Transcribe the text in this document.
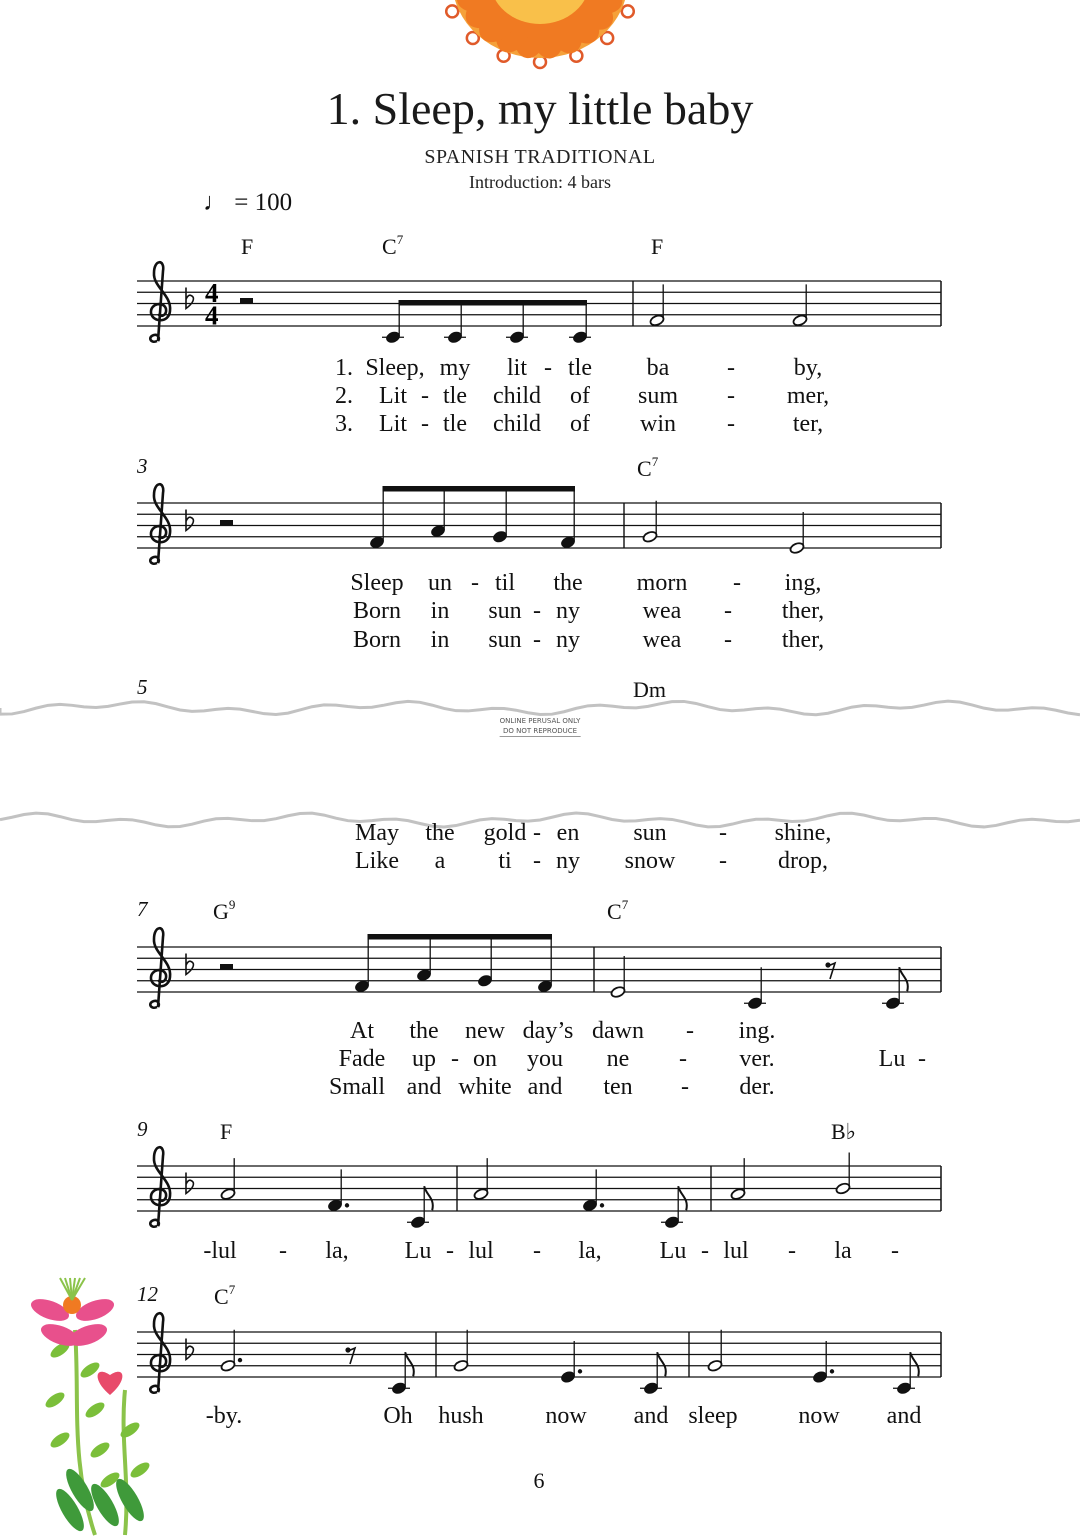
4
4
1. Sleep, my little baby
SPANISH TRADITIONAL
Introduction: 4 bars
♩ = 100
ONLINE PERUSAL ONLY
DO NOT REPRODUCE
6
3
5
7
9
12
F	$C^7$	F
$C^7$
Dm
$G^9$	$C^7$
F	B♭
$C^7$
1. Sleep, my lit - tle ba - by,
2. Lit - tle child of sum - mer,
3. Lit - tle child of win - ter,
Sleep un - til the morn - ing,
Born in sun - ny	wea - ther,
Born in sun - ny	wea - ther,
May the gold - en sun - shine,
Like a ti - ny snow - drop,
At the new day’s dawn - ing.
Fade up - on you ne - ver.	Lu -
Small and white and ten - der.
-lul - la, Lu - lul - la, Lu - lul - la -
-by.	Oh hush	now and sleep	now and
